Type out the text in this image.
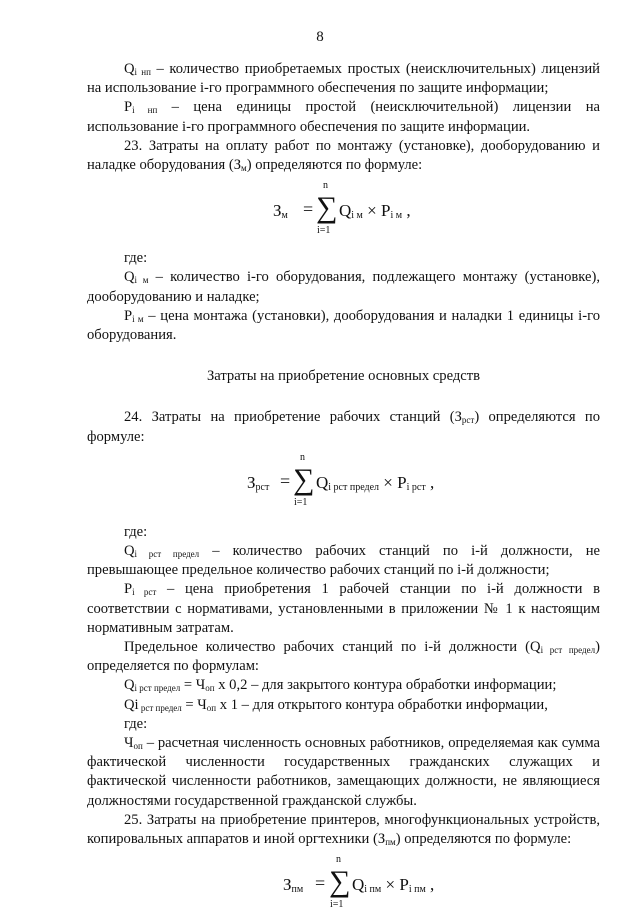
8

$Q_{i нп}$ – количество приобретаемых простых (неисключительных) лицензий на использование i-го программного обеспечения по защите информации;

$P_{i нп}$ – цена единицы простой (неисключительной) лицензии на использование i-го программного обеспечения по защите информации.

23. Затраты на оплату работ по монтажу (установке), дооборудованию и наладке оборудования $(З_м)$ определяются по формуле:

$З_м$ =
n
∑
i=1
$Q_{i м} \times P_{i м}$ ,

где:

$Q_{i м}$ – количество i-го оборудования, подлежащего монтажу (установке), дооборудованию и наладке;

$P_{i м}$ – цена монтажа (установки), дооборудования и наладки 1 единицы i-го оборудования.

Затраты на приобретение основных средств

24. Затраты на приобретение рабочих станций $(З_{рст})$ определяются по формуле:

$З_{рст}$ =
n
∑
i=1
$Q_{i рст предел} \times P_{i рст}$ ,

где:

$Q_{i рст предел}$ – количество рабочих станций по i-й должности, не превышающее предельное количество рабочих станций по i-й должности;

$P_{i рст}$ – цена приобретения 1 рабочей станции по i-й должности в соответствии с нормативами, установленными в приложении № 1 к настоящим нормативным затратам.

Предельное количество рабочих станций по i-й должности $(Q_{i рст предел})$ определяется по формулам:

$Q_{i рст предел} = Ч_{оп}$ х 0,2 – для закрытого контура обработки информации;

Qi $_{рст предел} = Ч_{оп}$ х 1 – для открытого контура обработки информации,

где:

$Ч_{оп}$ – расчетная численность основных работников, определяемая как сумма фактической численности государственных гражданских служащих и фактической численности работников, замещающих должности, не являющиеся должностями государственной гражданской службы.

25. Затраты на приобретение принтеров, многофункциональных устройств, копировальных аппаратов и иной оргтехники $(З_{пм})$ определяются по формуле:

$З_{пм}$ =
n
∑
i=1
$Q_{i пм} \times P_{i пм}$ ,
